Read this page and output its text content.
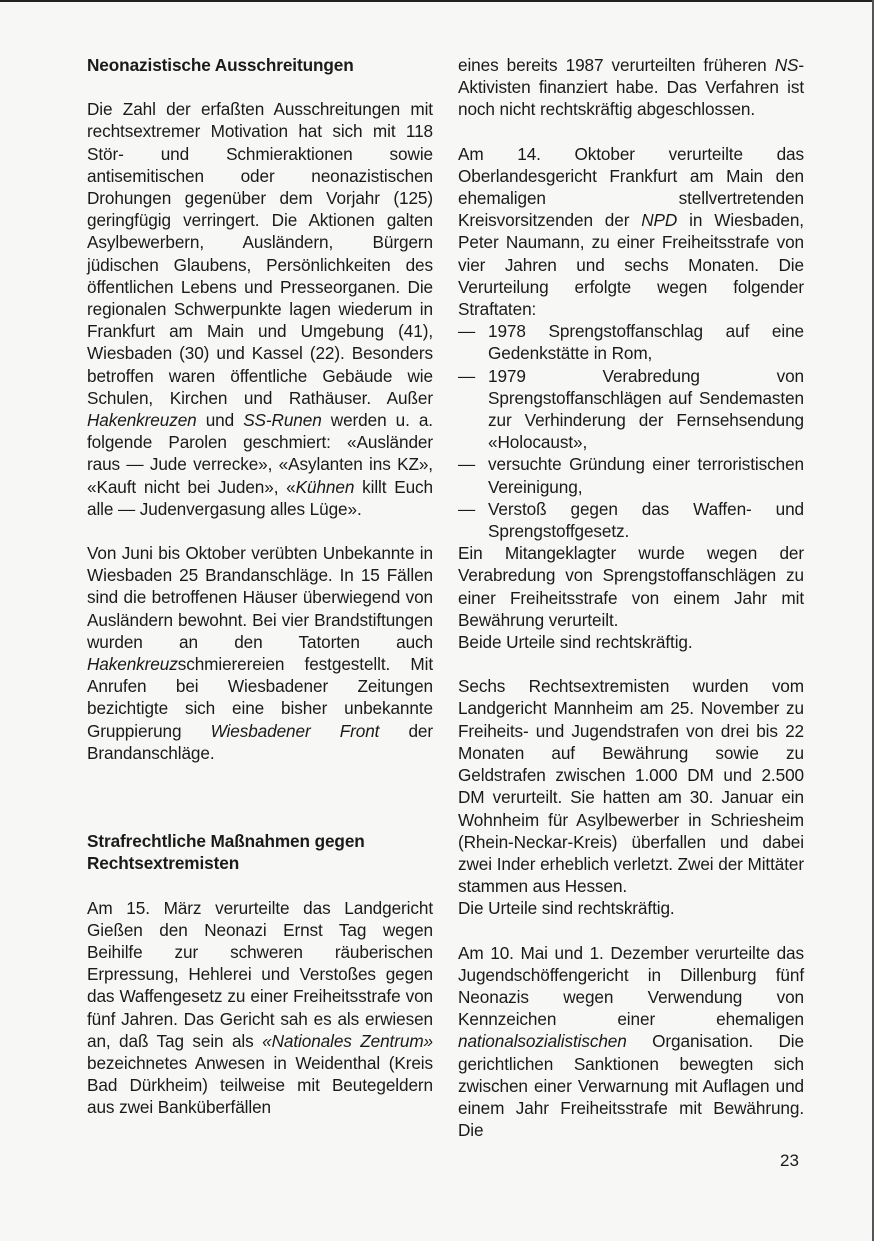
Neonazistische Ausschreitungen

Die Zahl der erfaßten Ausschreitungen mit rechtsextremer Motivation hat sich mit 118 Stör- und Schmieraktionen sowie antisemitischen oder neonazistischen Drohungen gegenüber dem Vorjahr (125) geringfügig verringert. Die Aktionen galten Asylbewerbern, Ausländern, Bürgern jüdischen Glaubens, Persönlichkeiten des öffentlichen Lebens und Presseorganen. Die regionalen Schwerpunkte lagen wiederum in Frankfurt am Main und Umgebung (41), Wiesbaden (30) und Kassel (22). Besonders betroffen waren öffentliche Gebäude wie Schulen, Kirchen und Rathäuser. Außer Hakenkreuzen und SS-Runen werden u. a. folgende Parolen geschmiert: «Ausländer raus — Jude verrecke», «Asylanten ins KZ», «Kauft nicht bei Juden», «Kühnen killt Euch alle — Judenvergasung alles Lüge».

Von Juni bis Oktober verübten Unbekannte in Wiesbaden 25 Brandanschläge. In 15 Fällen sind die betroffenen Häuser überwiegend von Ausländern bewohnt. Bei vier Brandstiftungen wurden an den Tatorten auch Hakenkreuzschmierereien festgestellt. Mit Anrufen bei Wiesbadener Zeitungen bezichtigte sich eine bisher unbekannte Gruppierung Wiesbadener Front der Brandanschläge.

Strafrechtliche Maßnahmen gegen Rechtsextremisten

Am 15. März verurteilte das Landgericht Gießen den Neonazi Ernst Tag wegen Beihilfe zur schweren räuberischen Erpressung, Hehlerei und Verstoßes gegen das Waffengesetz zu einer Freiheitsstrafe von fünf Jahren. Das Gericht sah es als erwiesen an, daß Tag sein als «Nationales Zentrum» bezeichnetes Anwesen in Weidenthal (Kreis Bad Dürkheim) teilweise mit Beutegeldern aus zwei Banküberfällen

eines bereits 1987 verurteilten früheren NS-Aktivisten finanziert habe. Das Verfahren ist noch nicht rechtskräftig abgeschlossen.

Am 14. Oktober verurteilte das Oberlandesgericht Frankfurt am Main den ehemaligen stellvertretenden Kreisvorsitzenden der NPD in Wiesbaden, Peter Naumann, zu einer Freiheitsstrafe von vier Jahren und sechs Monaten. Die Verurteilung erfolgte wegen folgender Straftaten:

— 1978 Sprengstoffanschlag auf eine Gedenkstätte in Rom,
— 1979 Verabredung von Sprengstoffanschlägen auf Sendemasten zur Verhinderung der Fernsehsendung «Holocaust»,
— versuchte Gründung einer terroristischen Vereinigung,
— Verstoß gegen das Waffen- und Sprengstoffgesetz.

Ein Mitangeklagter wurde wegen der Verabredung von Sprengstoffanschlägen zu einer Freiheitsstrafe von einem Jahr mit Bewährung verurteilt.

Beide Urteile sind rechtskräftig.

Sechs Rechtsextremisten wurden vom Landgericht Mannheim am 25. November zu Freiheits- und Jugendstrafen von drei bis 22 Monaten auf Bewährung sowie zu Geldstrafen zwischen 1.000 DM und 2.500 DM verurteilt. Sie hatten am 30. Januar ein Wohnheim für Asylbewerber in Schriesheim (Rhein-Neckar-Kreis) überfallen und dabei zwei Inder erheblich verletzt. Zwei der Mittäter stammen aus Hessen.

Die Urteile sind rechtskräftig.

Am 10. Mai und 1. Dezember verurteilte das Jugendschöffengericht in Dillenburg fünf Neonazis wegen Verwendung von Kennzeichen einer ehemaligen nationalsozialistischen Organisation. Die gerichtlichen Sanktionen bewegten sich zwischen einer Verwarnung mit Auflagen und einem Jahr Freiheitsstrafe mit Bewährung. Die

23
